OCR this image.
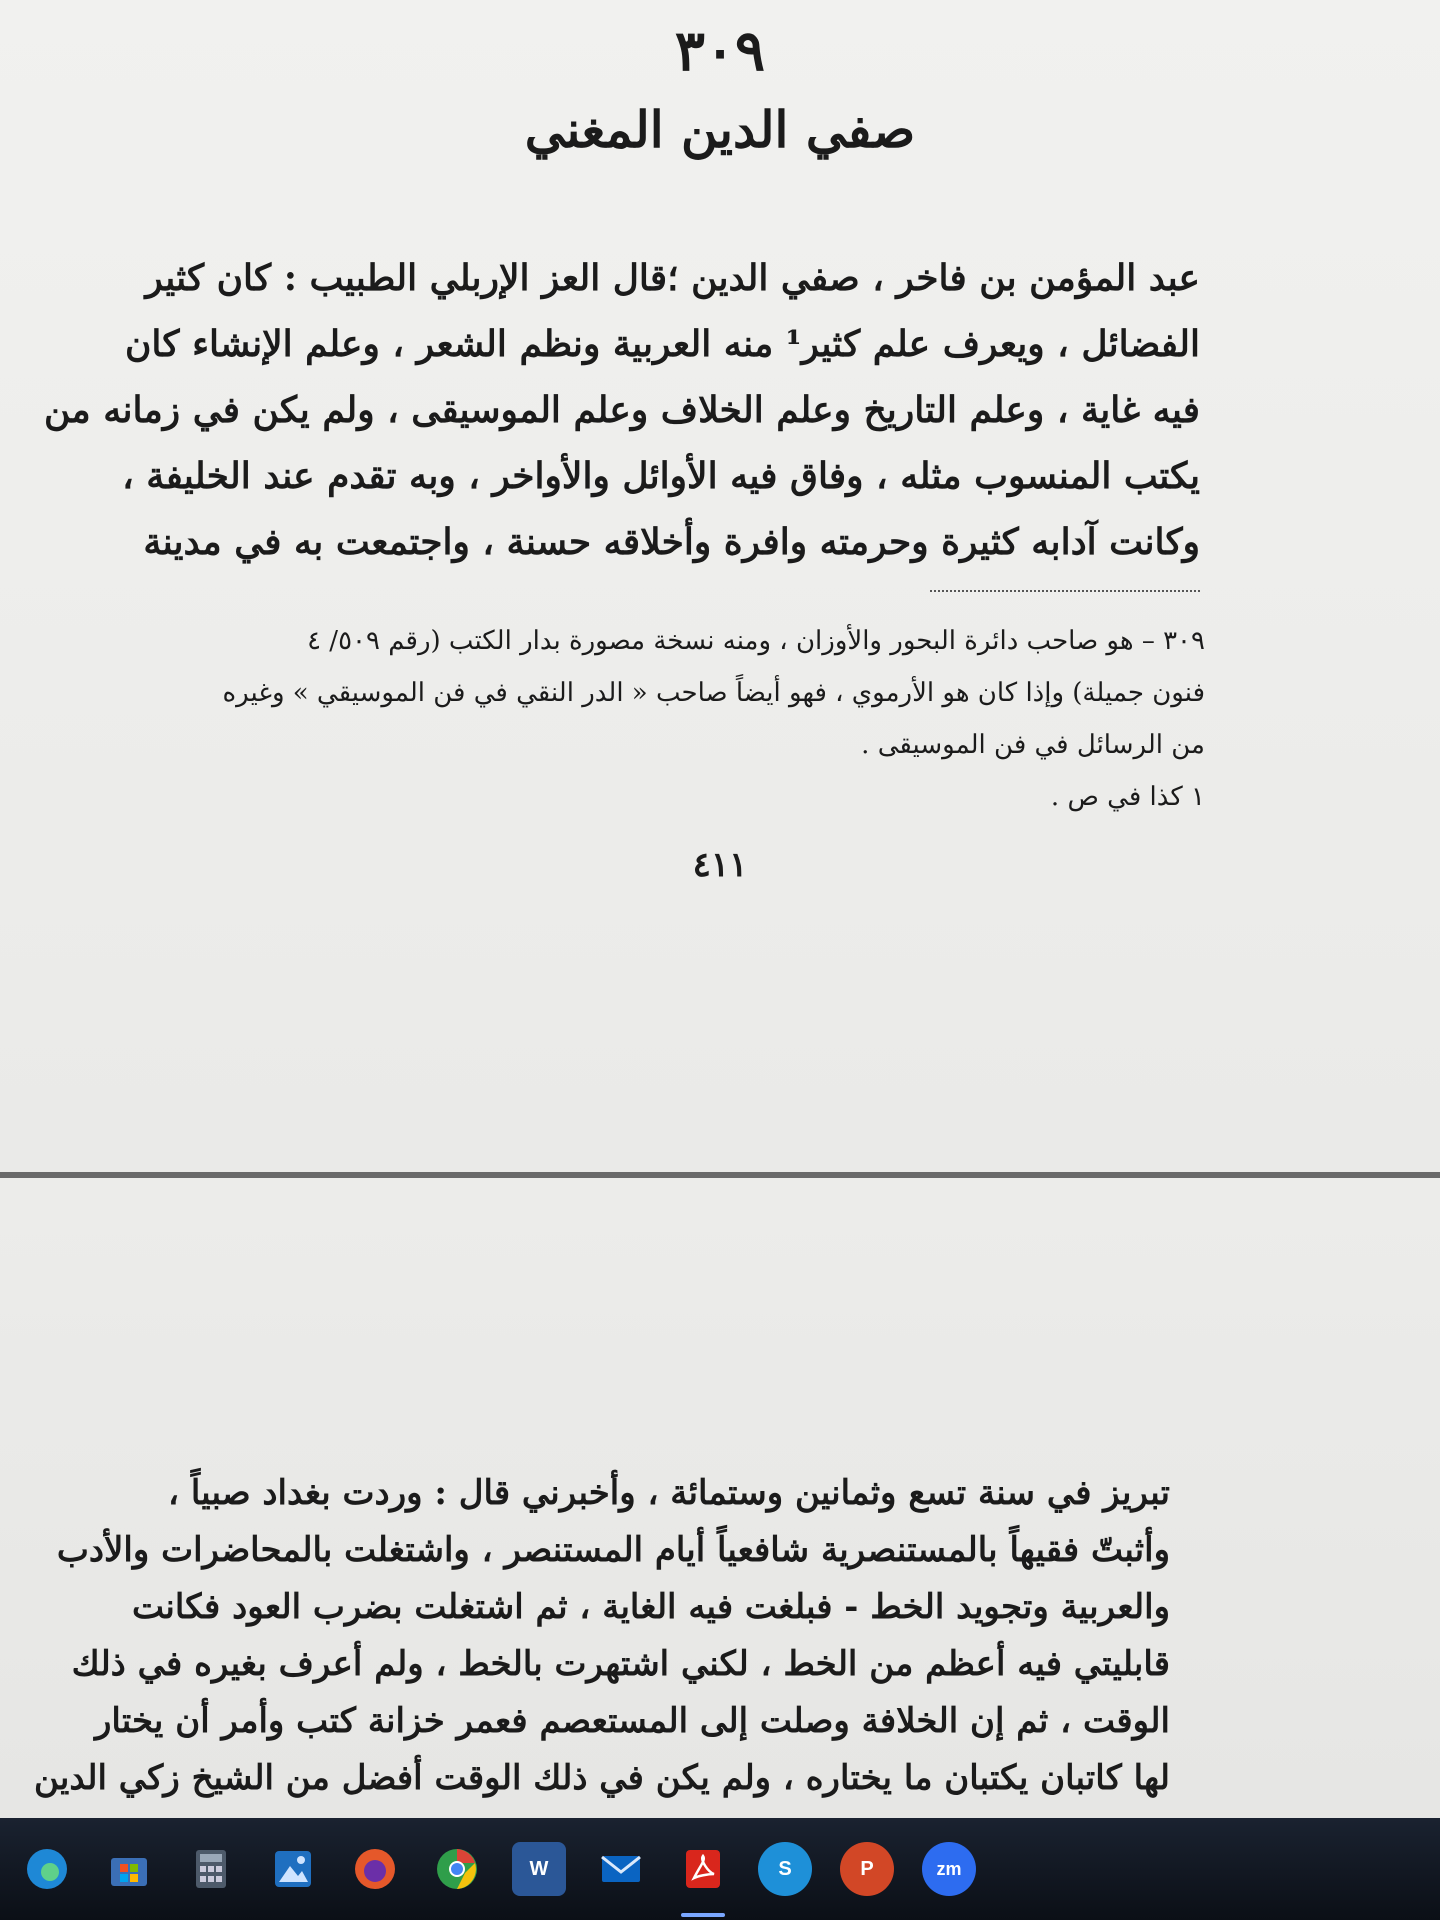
٣٠٩
صفي الدين المغني
عبد المؤمن بن فاخر ، صفي الدين ؛قال العز الإربلي الطبيب : كان كثير
الفضائل ، ويعرف علم كثير¹ منه العربية ونظم الشعر ، وعلم الإنشاء كان
فيه غاية ، وعلم التاريخ وعلم الخلاف وعلم الموسيقى ، ولم يكن في زمانه من
يكتب المنسوب مثله ، وفاق فيه الأوائل والأواخر ، وبه تقدم عند الخليفة ،
وكانت آدابه كثيرة وحرمته وافرة وأخلاقه حسنة ، واجتمعت به في مدينة
٣٠٩ – هو صاحب دائرة البحور والأوزان ، ومنه نسخة مصورة بدار الكتب (رقم ٥٠٩/ ٤
فنون جميلة) وإذا كان هو الأرموي ، فهو أيضاً صاحب « الدر النقي في فن الموسيقي » وغيره
من الرسائل في فن الموسيقى .
١ كذا في ص .
٤١١
تبريز في سنة تسع وثمانين وستمائة ، وأخبرني قال : وردت بغداد صبياً ،
وأثبتّ فقيهاً بالمستنصرية شافعياً أيام المستنصر ، واشتغلت بالمحاضرات والأدب
والعربية وتجويد الخط - فبلغت فيه الغاية ، ثم اشتغلت بضرب العود فكانت
قابليتي فيه أعظم من الخط ، لكني اشتهرت بالخط ، ولم أعرف بغيره في ذلك
الوقت ، ثم إن الخلافة وصلت إلى المستعصم فعمر خزانة كتب وأمر أن يختار
لها كاتبان يكتبان ما يختاره ، ولم يكن في ذلك الوقت أفضل من الشيخ زكي الدين
W	S	P	zm
